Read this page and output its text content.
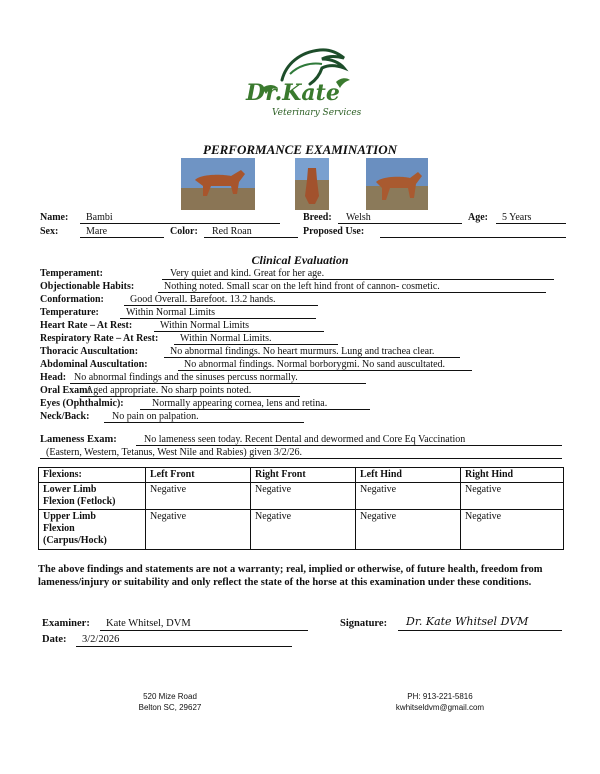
Dr.Kate
Veterinary Services
PERFORMANCE EXAMINATION
Name: Bambi	Breed: Welsh	Age: 5 Years
Sex:	Mare	Color: Red Roan	Proposed Use:
Clinical Evaluation
Temperament:	Very quiet and kind. Great for her age.
Objectionable Habits:	Nothing noted. Small scar on the left hind front of cannon- cosmetic.
Conformation:	Good Overall. Barefoot. 13.2 hands.
Temperature:	Within Normal Limits
Heart Rate – At Rest:	Within Normal Limits
Respiratory Rate – At Rest: Within Normal Limits.
Thoracic Auscultation:	No abnormal findings. No heart murmurs. Lung and trachea clear.
Abdominal Auscultation:	No abnormal findings. Normal borborygmi. No sand auscultated.
Head: No abnormal findings and the sinuses percuss normally.
Oral Exam:
Aged appropriate. No sharp points noted.
Eyes (Ophthalmic):	Normally appearing cornea, lens and retina.
Neck/Back: No pain on palpation.
Lameness Exam:	No lameness seen today. Recent Dental and dewormed and Core Eq Vaccination
(Eastern, Western, Tetanus, West Nile and Rabies) given 3/2/26.
Flexions:	Left Front	Right Front	Left Hind	Right Hind
Lower Limb
Flexion (Fetlock)	Negative	Negative	Negative	Negative
Upper Limb
Flexion
(Carpus/Hock)	Negative	Negative	Negative	Negative
The above findings and statements are not a warranty; real, implied or otherwise, of future health, freedom from lameness/injury or suitability and only reflect the state of the horse at this examination under these conditions.
Examiner: Kate Whitsel, DVM	Signature: Dr. Kate Whitsel DVM
Date: 3/2/2026
520 Mize Road
Belton SC, 29627
PH: 913-221-5816
kwhitseldvm@gmail.com
